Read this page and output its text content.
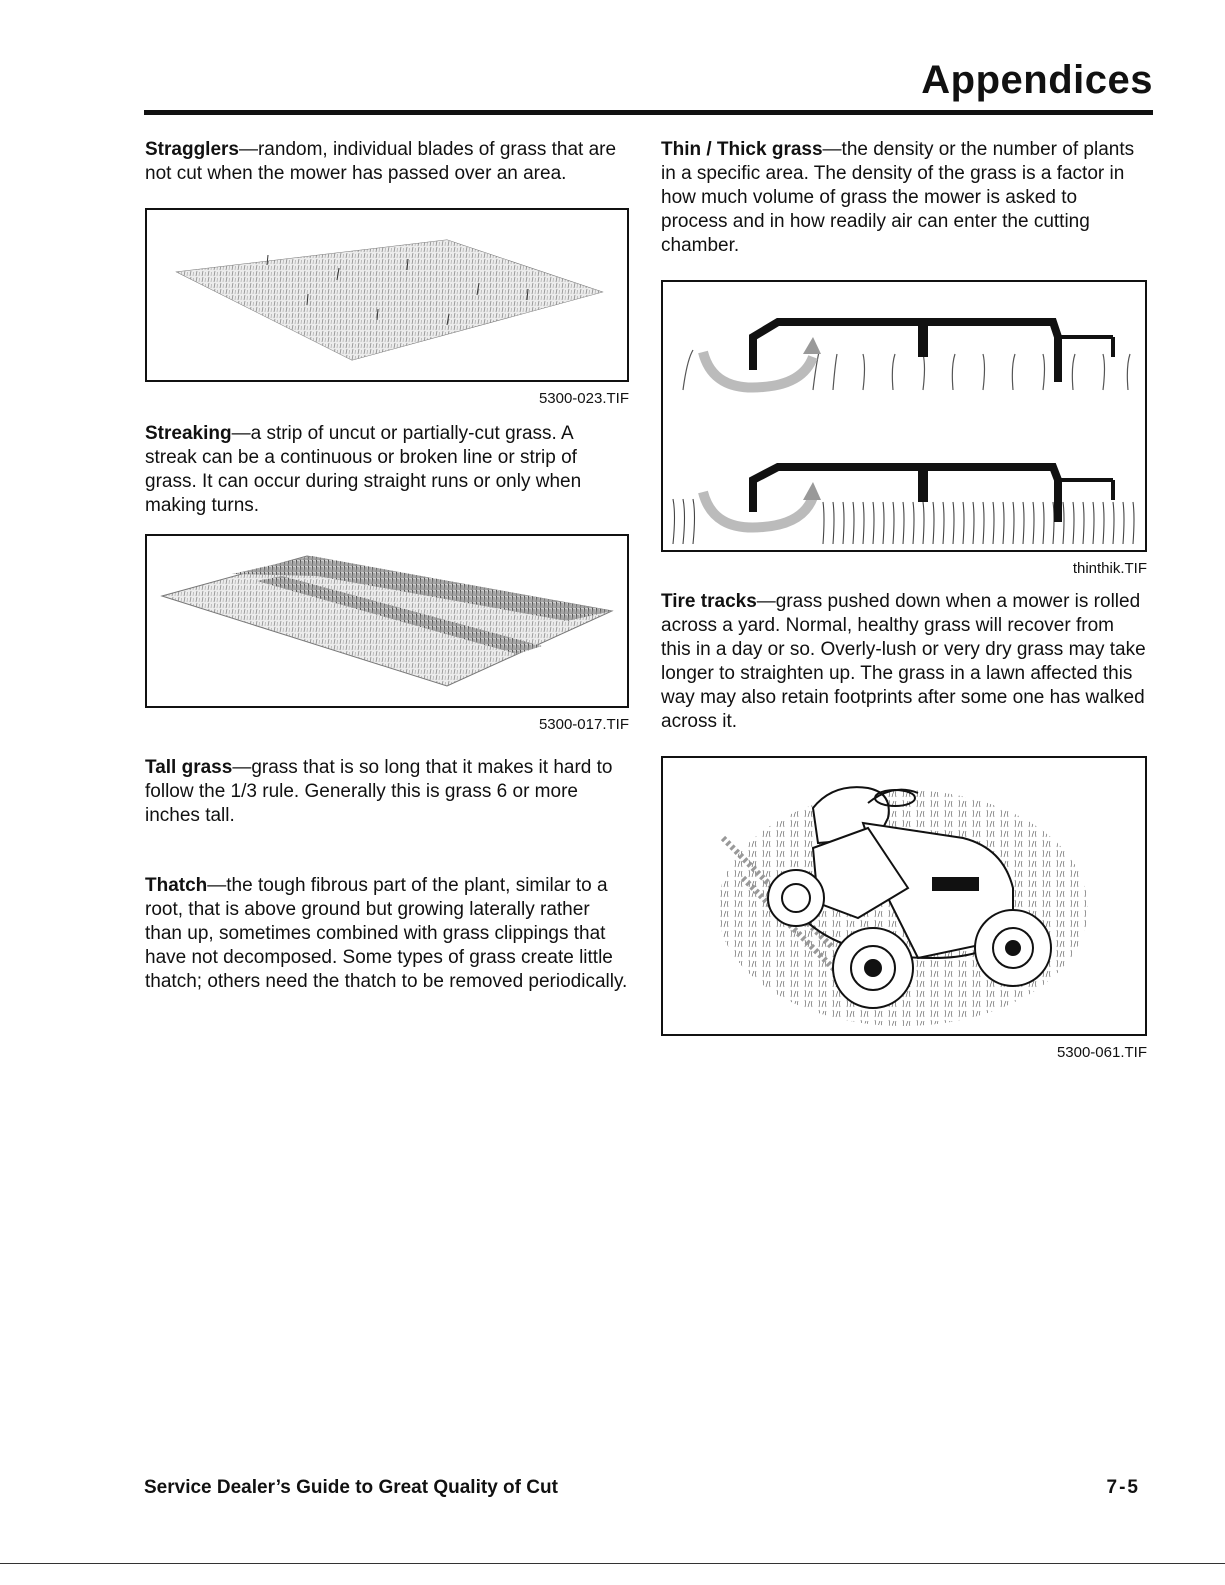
Appendices

Stragglers—random, individual blades of grass that are not cut when the mower has passed over an area.

5300-023.TIF

Streaking—a strip of uncut or partially-cut grass. A streak can be a continuous or broken line or strip of grass. It can occur during straight runs or only when making turns.

5300-017.TIF

Tall grass—grass that is so long that it makes it hard to follow the 1/3 rule. Generally this is grass 6 or more inches tall.

Thatch—the tough fibrous part of the plant, similar to a root, that is above ground but growing laterally rather than up, sometimes combined with grass clippings that have not decomposed. Some types of grass create little thatch; others need the thatch to be removed periodically.

Thin / Thick grass—the density or the number of plants in a specific area. The density of the grass is a factor in how much volume of grass the mower is asked to process and in how readily air can enter the cutting chamber.

thinthik.TIF

Tire tracks—grass pushed down when a mower is rolled across a yard. Normal, healthy grass will recover from this in a day or so. Overly-lush or very dry grass may take longer to straighten up. The grass in a lawn affected this way may also retain footprints after some one has walked across it.

5300-061.TIF
Service Dealer’s Guide to Great Quality of Cut	7-5
